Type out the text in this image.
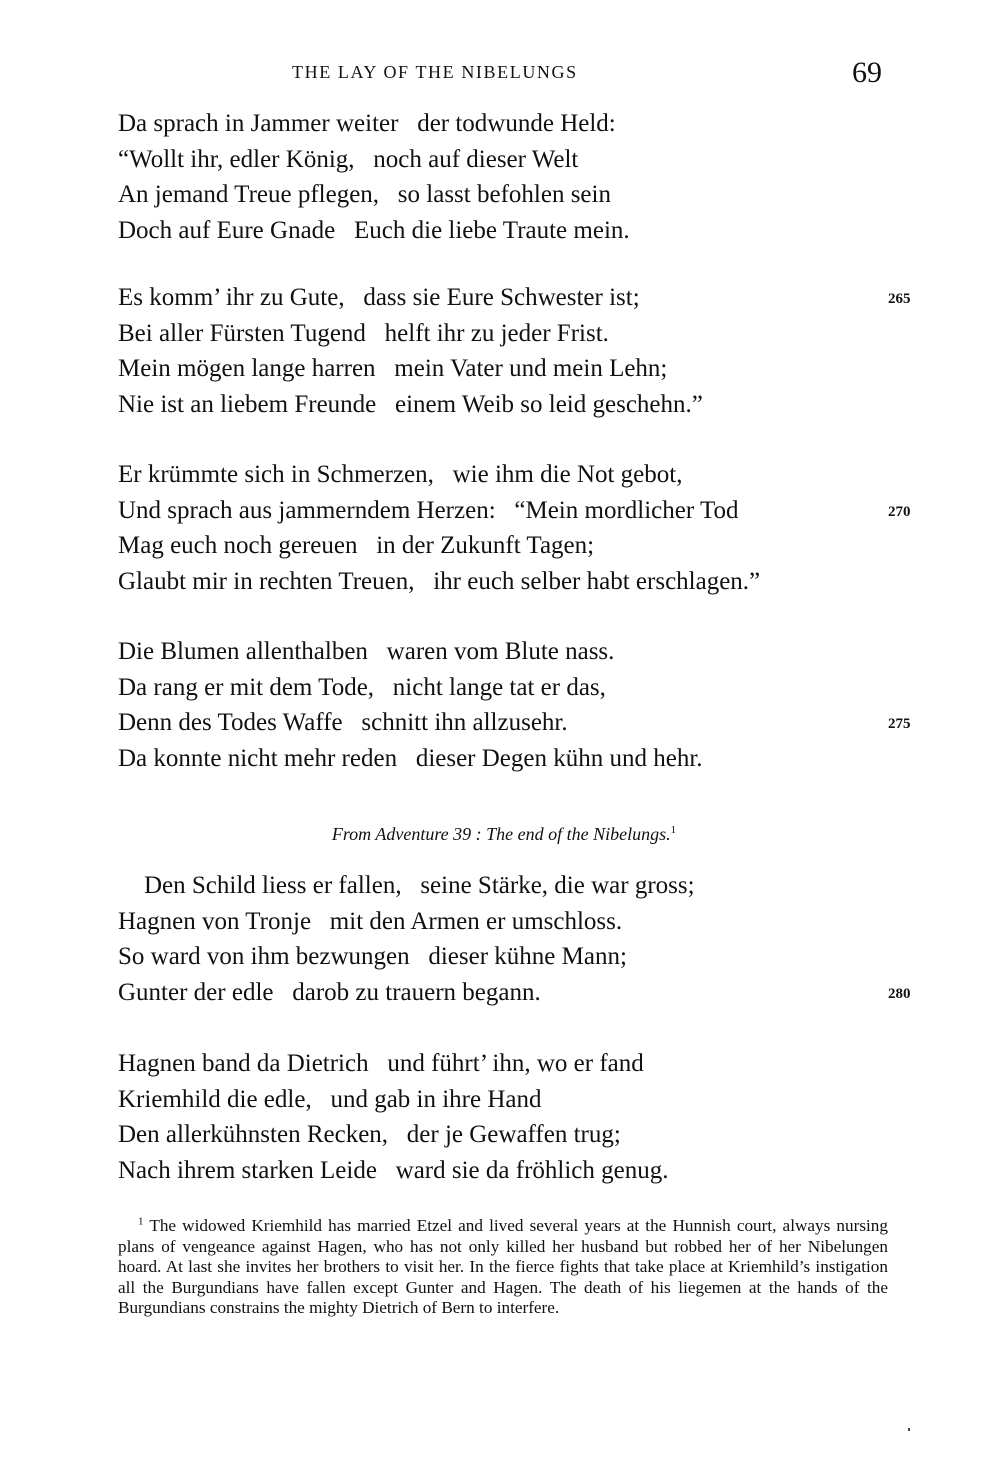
THE LAY OF THE NIBELUNGS	69
Da sprach in Jammer weiter   der todwunde Held:
“Wollt ihr, edler König,   noch auf dieser Welt
An jemand Treue pflegen,   so lasst befohlen sein
Doch auf Eure Gnade   Euch die liebe Traute mein.
Es komm’ ihr zu Gute,   dass sie Eure Schwester ist;	265
Bei aller Fürsten Tugend   helft ihr zu jeder Frist.
Mein mögen lange harren   mein Vater und mein Lehn;
Nie ist an liebem Freunde   einem Weib so leid geschehn.”
Er krümmte sich in Schmerzen,   wie ihm die Not gebot,
Und sprach aus jammerndem Herzen:   “Mein mordlicher Tod	270
Mag euch noch gereuen   in der Zukunft Tagen;
Glaubt mir in rechten Treuen,   ihr euch selber habt erschlagen.”
Die Blumen allenthalben   waren vom Blute nass.
Da rang er mit dem Tode,   nicht lange tat er das,
Denn des Todes Waffe   schnitt ihn allzusehr.	275
Da konnte nicht mehr reden   dieser Degen kühn und hehr.
From Adventure 39 : The end of the Nibelungs.$^1$
Den Schild liess er fallen,   seine Stärke, die war gross;
Hagnen von Tronje   mit den Armen er umschloss.
So ward von ihm bezwungen   dieser kühne Mann;
Gunter der edle   darob zu trauern begann.	280
Hagnen band da Dietrich   und führt’ ihn, wo er fand
Kriemhild die edle,   und gab in ihre Hand
Den allerkühnsten Recken,   der je Gewaffen trug;
Nach ihrem starken Leide   ward sie da fröhlich genug.
$^1$ The widowed Kriemhild has married Etzel and lived several years at the Hunnish court, always nursing plans of vengeance against Hagen, who has not only killed her husband but robbed her of her Nibelungen hoard. At last she invites her brothers to visit her. In the fierce fights that take place at Kriemhild’s instigation all the Burgundians have fallen except Gunter and Hagen. The death of his liegemen at the hands of the Burgundians constrains the mighty Dietrich of Bern to interfere.
